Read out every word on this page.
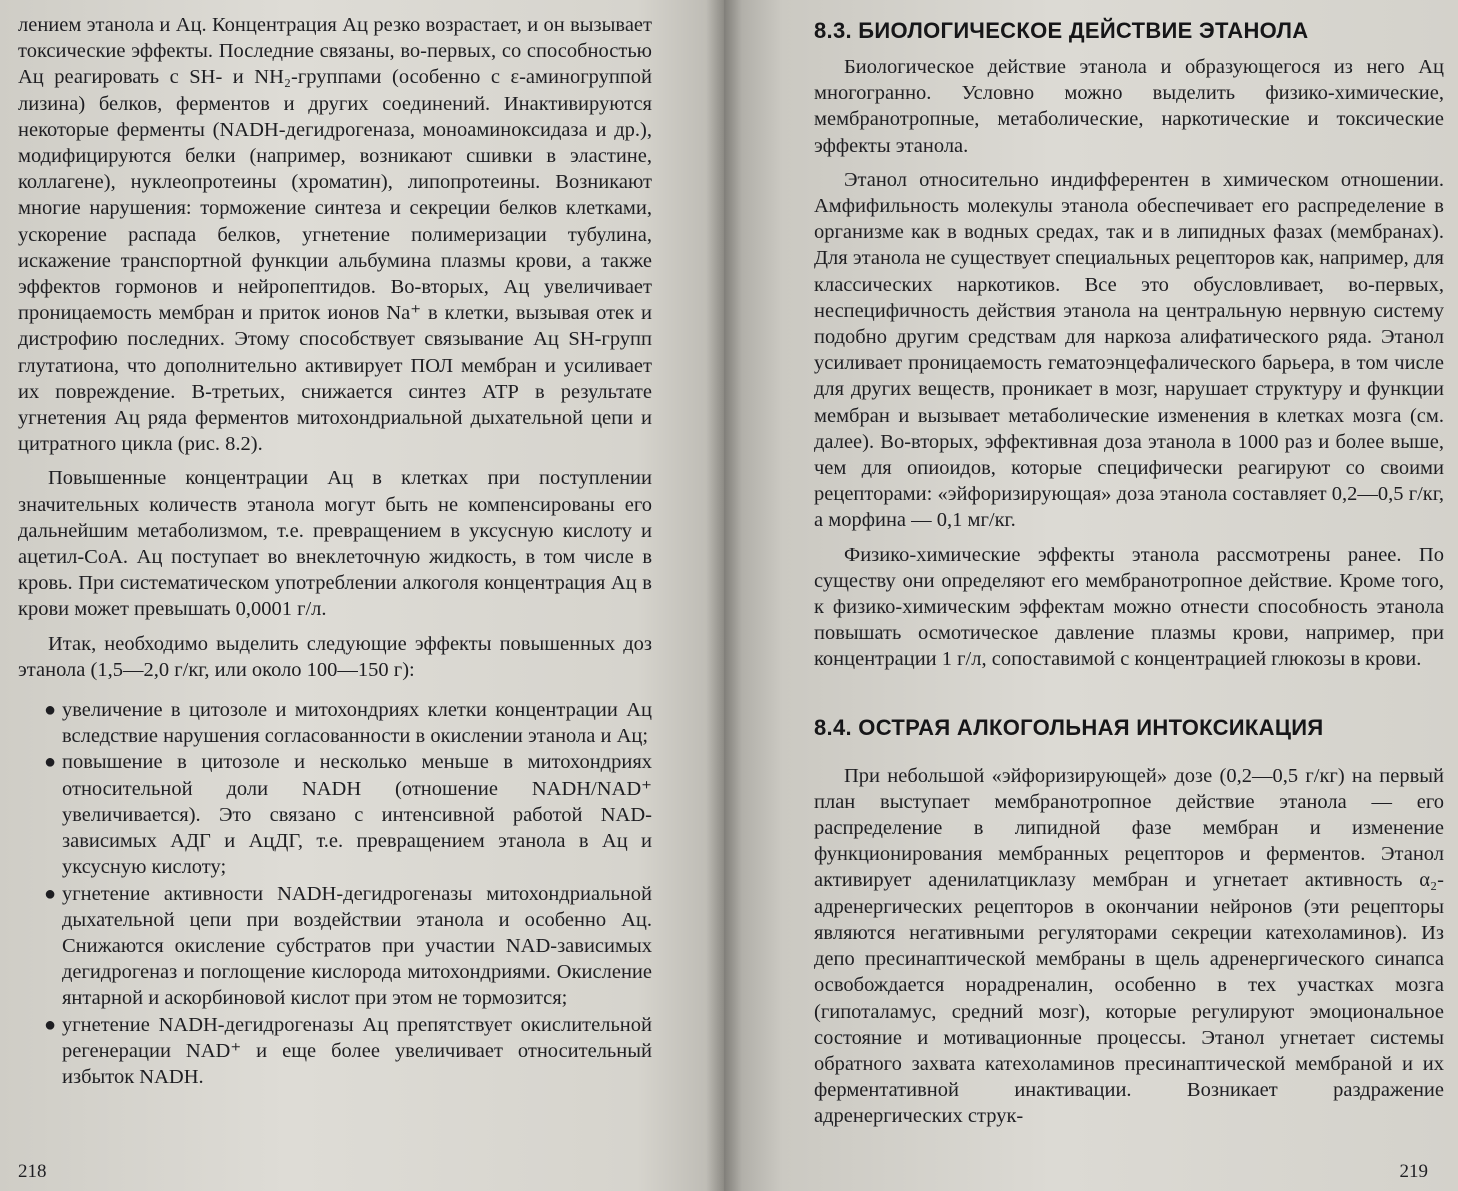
лением этанола и Ац. Концентрация Ац резко возрастает, и он вызывает токсические эффекты. Последние связаны, во-первых, со способностью Ац реагировать с SH- и NH₂-группами (особенно с ε-аминогруппой лизина) белков, ферментов и других соединений. Инактивируются некоторые ферменты (NADH-дегидрогеназа, моноаминоксидаза и др.), модифицируются белки (например, возникают сшивки в эластине, коллагене), нуклеопротеины (хроматин), липопротеины. Возникают многие нарушения: торможение синтеза и секреции белков клетками, ускорение распада белков, угнетение полимеризации тубулина, искажение транспортной функции альбумина плазмы крови, а также эффектов гормонов и нейропептидов. Во-вторых, Ац увеличивает проницаемость мембран и приток ионов Na⁺ в клетки, вызывая отек и дистрофию последних. Этому способствует связывание Ац SH-групп глутатиона, что дополнительно активирует ПОЛ мембран и усиливает их повреждение. В-третьих, снижается синтез АТР в результате угнетения Ац ряда ферментов митохондриальной дыхательной цепи и цитратного цикла (рис. 8.2).

Повышенные концентрации Ац в клетках при поступлении значительных количеств этанола могут быть не компенсированы его дальнейшим метаболизмом, т.е. превращением в уксусную кислоту и ацетил-СоА. Ац поступает во внеклеточную жидкость, в том числе в кровь. При систематическом употреблении алкоголя концентрация Ац в крови может превышать 0,0001 г/л.

Итак, необходимо выделить следующие эффекты повышенных доз этанола (1,5—2,0 г/кг, или около 100—150 г):

● увеличение в цитозоле и митохондриях клетки концентрации Ац вследствие нарушения согласованности в окислении этанола и Ац;
● повышение в цитозоле и несколько меньше в митохондриях относительной доли NADH (отношение NADH/NAD⁺ увеличивается). Это связано с интенсивной работой NAD-зависимых АДГ и АцДГ, т.е. превращением этанола в Ац и уксусную кислоту;
● угнетение активности NADH-дегидрогеназы митохондриальной дыхательной цепи при воздействии этанола и особенно Ац. Снижаются окисление субстратов при участии NAD-зависимых дегидрогеназ и поглощение кислорода митохондриями. Окисление янтарной и аскорбиновой кислот при этом не тормозится;
● угнетение NADH-дегидрогеназы Ац препятствует окислительной регенерации NAD⁺ и еще более увеличивает относительный избыток NADH.
218
8.3. БИОЛОГИЧЕСКОЕ ДЕЙСТВИЕ ЭТАНОЛА

Биологическое действие этанола и образующегося из него Ац многогранно. Условно можно выделить физико-химические, мембранотропные, метаболические, наркотические и токсические эффекты этанола.

Этанол относительно индифферентен в химическом отношении. Амфифильность молекулы этанола обеспечивает его распределение в организме как в водных средах, так и в липидных фазах (мембранах). Для этанола не существует специальных рецепторов как, например, для классических наркотиков. Все это обусловливает, во-первых, неспецифичность действия этанола на центральную нервную систему подобно другим средствам для наркоза алифатического ряда. Этанол усиливает проницаемость гематоэнцефалического барьера, в том числе для других веществ, проникает в мозг, нарушает структуру и функции мембран и вызывает метаболические изменения в клетках мозга (см. далее). Во-вторых, эффективная доза этанола в 1000 раз и более выше, чем для опиоидов, которые специфически реагируют со своими рецепторами: «эйфоризирующая» доза этанола составляет 0,2—0,5 г/кг, а морфина — 0,1 мг/кг.

Физико-химические эффекты этанола рассмотрены ранее. По существу они определяют его мембранотропное действие. Кроме того, к физико-химическим эффектам можно отнести способность этанола повышать осмотическое давление плазмы крови, например, при концентрации 1 г/л, сопоставимой с концентрацией глюкозы в крови.

8.4. ОСТРАЯ АЛКОГОЛЬНАЯ ИНТОКСИКАЦИЯ

При небольшой «эйфоризирующей» дозе (0,2—0,5 г/кг) на первый план выступает мембранотропное действие этанола — его распределение в липидной фазе мембран и изменение функционирования мембранных рецепторов и ферментов. Этанол активирует аденилатциклазу мембран и угнетает активность α₂-адренергических рецепторов в окончании нейронов (эти рецепторы являются негативными регуляторами секреции катехоламинов). Из депо пресинаптической мембраны в щель адренергического синапса освобождается норадреналин, особенно в тех участках мозга (гипоталамус, средний мозг), которые регулируют эмоциональное состояние и мотивационные процессы. Этанол угнетает системы обратного захвата катехоламинов пресинаптической мембраной и их ферментативной инактивации. Возникает раздражение адренергических струк-

219
